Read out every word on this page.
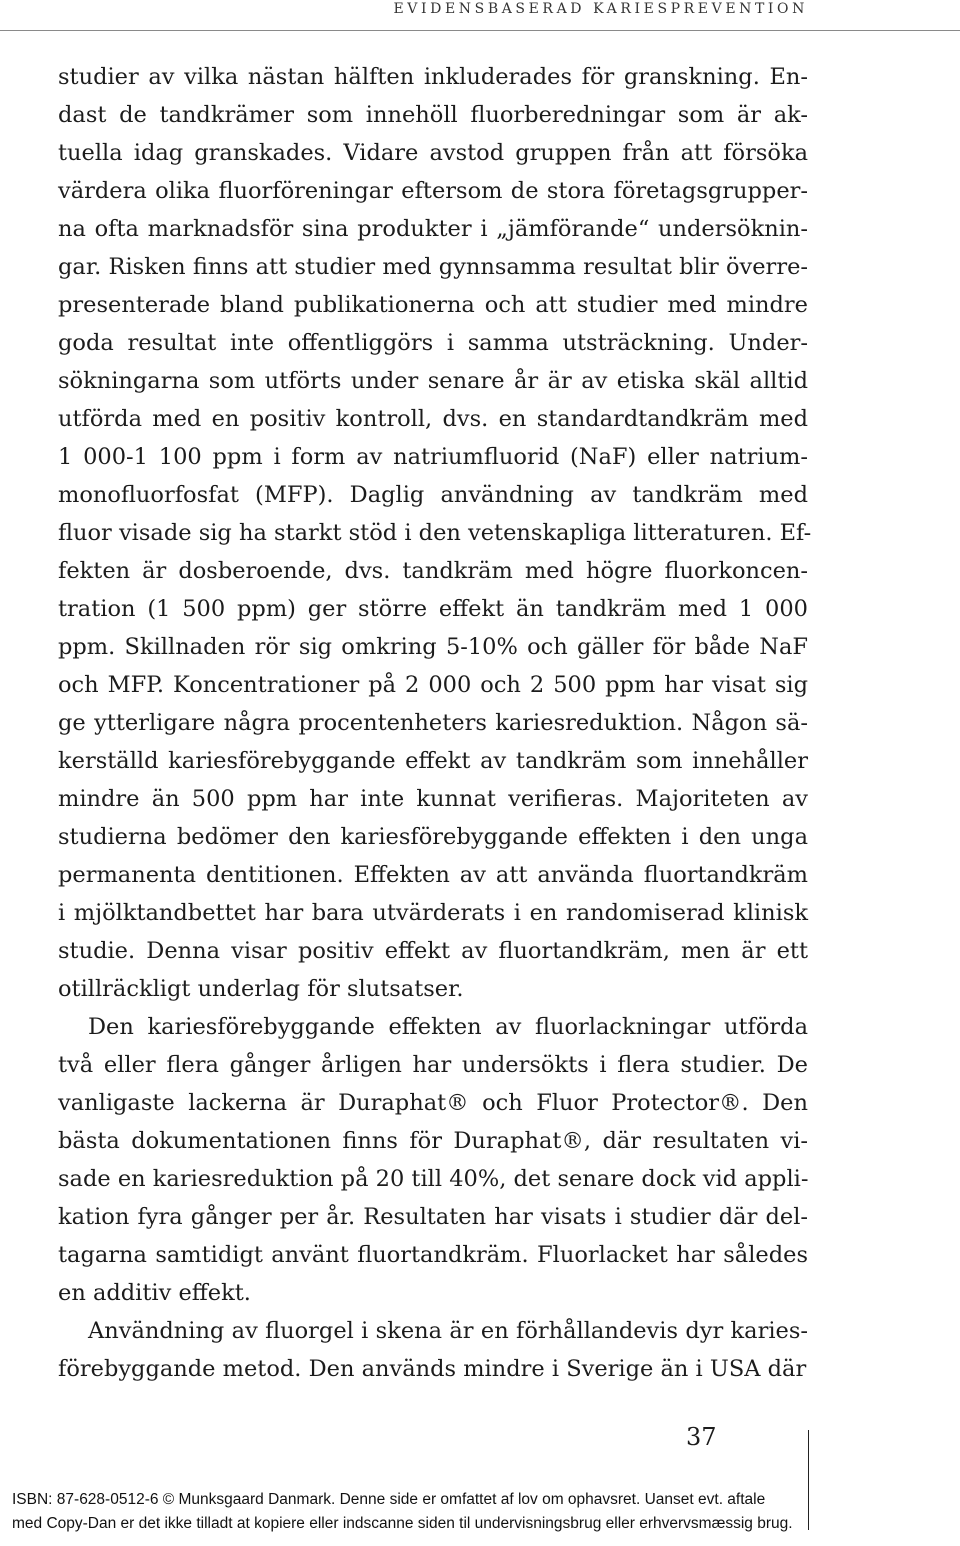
EVIDENSBASERAD KARIESPREVENTION
studier av vilka nästan hälften inkluderades för granskning. En-
dast de tandkrämer som innehöll fluorberedningar som är ak-
tuella idag granskades. Vidare avstod gruppen från att försöka
värdera olika fluorföreningar eftersom de stora företagsgrupper-
na ofta marknadsför sina produkter i „jämförande“ undersöknin-
gar. Risken finns att studier med gynnsamma resultat blir överre-
presenterade bland publikationerna och att studier med mindre
goda resultat inte offentliggörs i samma utsträckning. Under-
sökningarna som utförts under senare år är av etiska skäl alltid
utförda med en positiv kontroll, dvs. en standardtandkräm med
1 000-1 100 ppm i form av natriumfluorid (NaF) eller natrium-
monofluorfosfat (MFP). Daglig användning av tandkräm med
fluor visade sig ha starkt stöd i den vetenskapliga litteraturen. Ef-
fekten är dosberoende, dvs. tandkräm med högre fluorkoncen-
tration (1 500 ppm) ger större effekt än tandkräm med 1 000
ppm. Skillnaden rör sig omkring 5-10% och gäller för både NaF
och MFP. Koncentrationer på 2 000 och 2 500 ppm har visat sig
ge ytterligare några procentenheters kariesreduktion. Någon sä-
kerställd kariesförebyggande effekt av tandkräm som innehåller
mindre än 500 ppm har inte kunnat verifieras. Majoriteten av
studierna bedömer den kariesförebyggande effekten i den unga
permanenta dentitionen. Effekten av att använda fluortandkräm
i mjölktandbettet har bara utvärderats i en randomiserad klinisk
studie. Denna visar positiv effekt av fluortandkräm, men är ett
otillräckligt underlag för slutsatser.
Den kariesförebyggande effekten av fluorlackningar utförda
två eller flera gånger årligen har undersökts i flera studier. De
vanligaste lackerna är Duraphat® och Fluor Protector®. Den
bästa dokumentationen finns för Duraphat®, där resultaten vi-
sade en kariesreduktion på 20 till 40%, det senare dock vid appli-
kation fyra gånger per år. Resultaten har visats i studier där del-
tagarna samtidigt använt fluortandkräm. Fluorlacket har således
en additiv effekt.
Användning av fluorgel i skena är en förhållandevis dyr karies-
förebyggande metod. Den används mindre i Sverige än i USA där
37
ISBN: 87-628-0512-6 © Munksgaard Danmark. Denne side er omfattet af lov om ophavsret. Uanset evt. aftale
med Copy-Dan er det ikke tilladt at kopiere eller indscanne siden til undervisningsbrug eller erhvervsmæssig brug.
